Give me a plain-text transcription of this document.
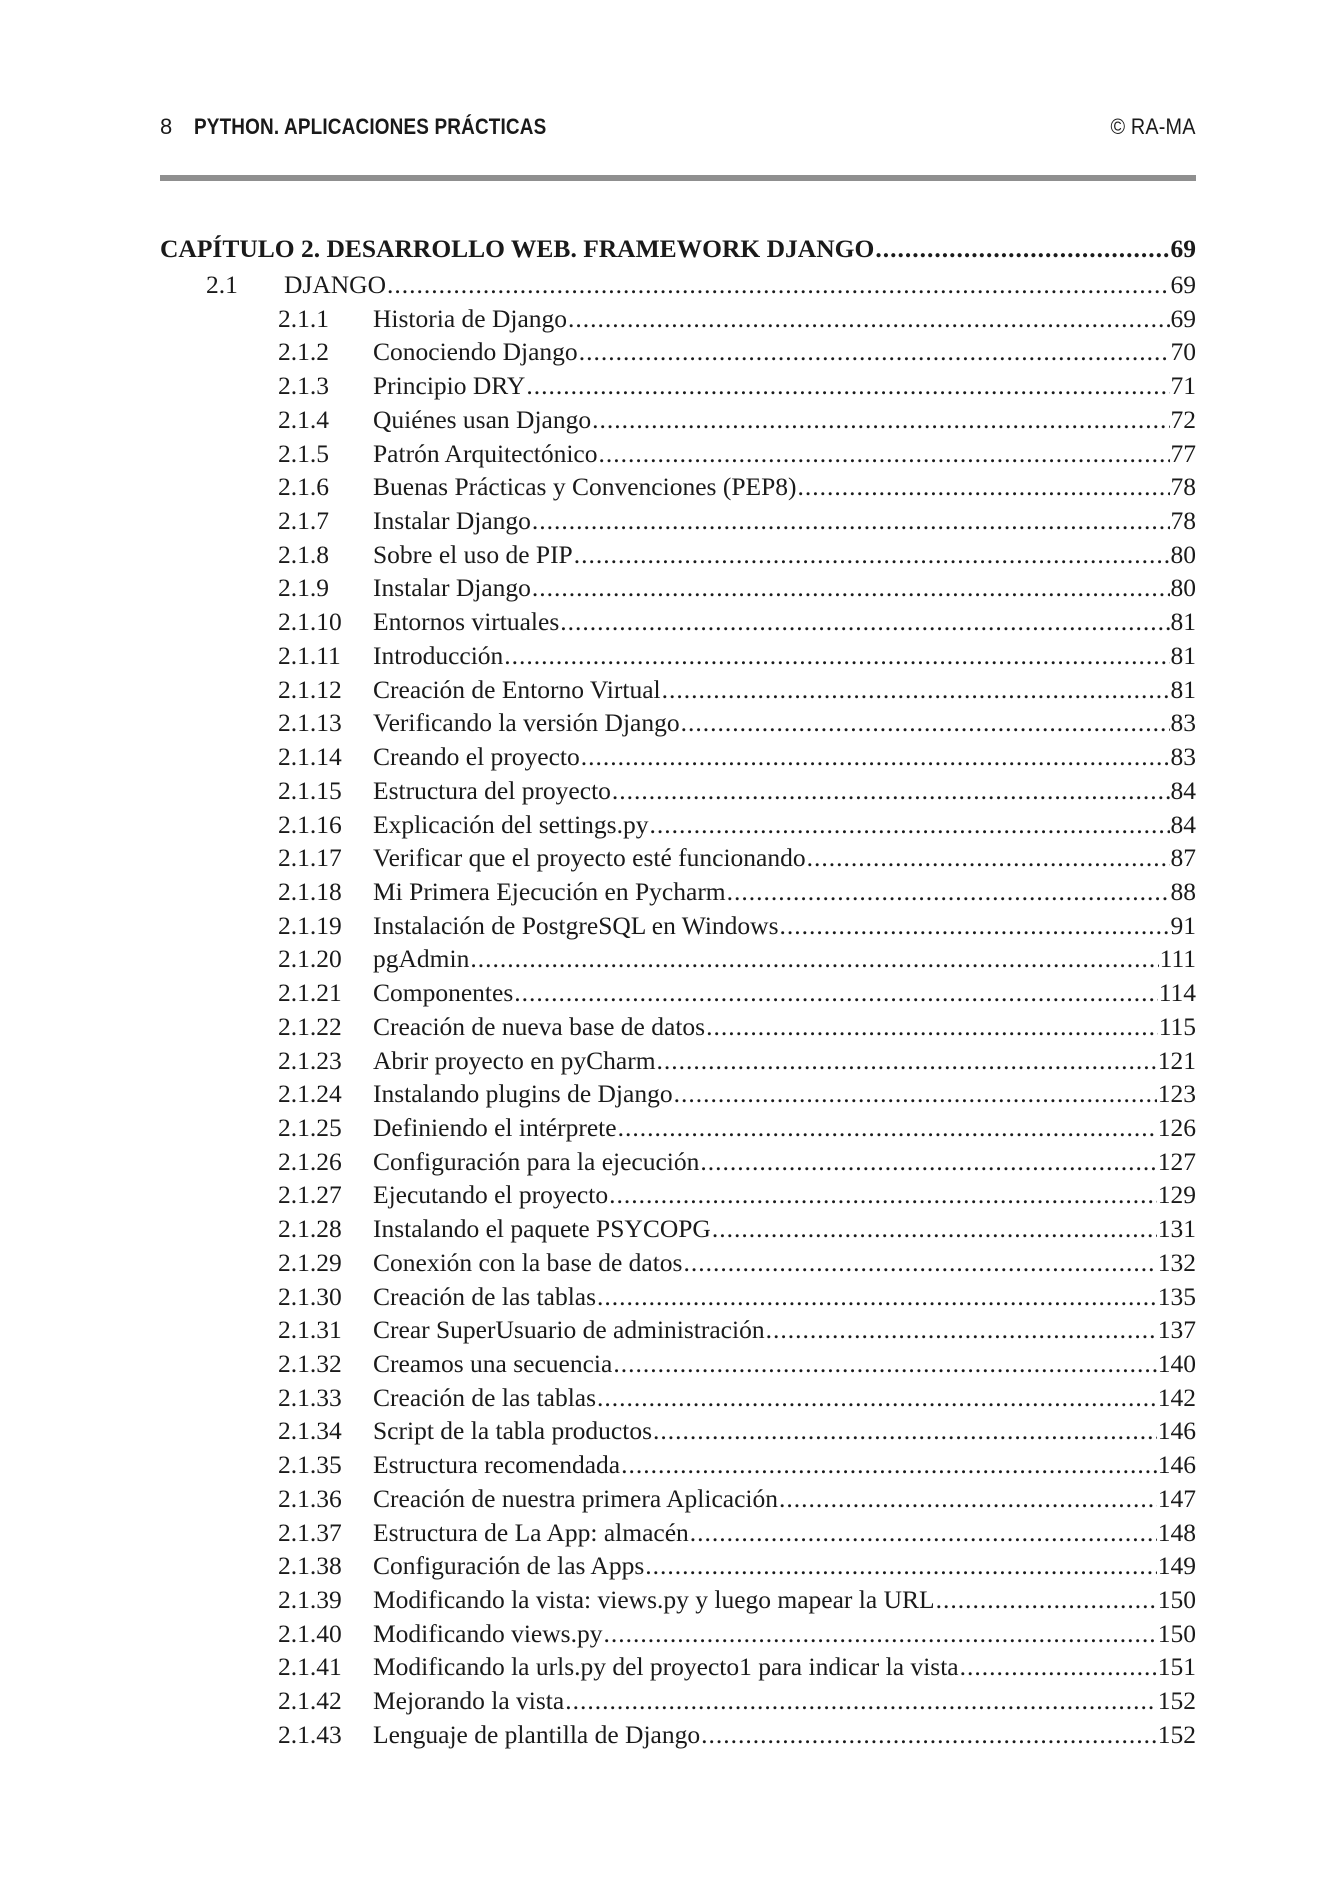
8 PYTHON. APLICACIONES PRÁCTICAS	© RA-MA
CAPÍTULO 2. DESARROLLO WEB. FRAMEWORK DJANGO .....	69
2.1	DJANGO .....	69
2.1.1	Historia de Django .....	69
2.1.2	Conociendo Django .....	70
2.1.3	Principio DRY .....	71
2.1.4	Quiénes usan Django .....	72
2.1.5	Patrón Arquitectónico .....	77
2.1.6	Buenas Prácticas y Convenciones (PEP8) .....	78
2.1.7	Instalar Django .....	78
2.1.8	Sobre el uso de PIP .....	80
2.1.9	Instalar Django .....	80
2.1.10	Entornos virtuales .....	81
2.1.11	Introducción .....	81
2.1.12	Creación de Entorno Virtual .....	81
2.1.13	Verificando la versión Django .....	83
2.1.14	Creando el proyecto .....	83
2.1.15	Estructura del proyecto .....	84
2.1.16	Explicación del settings.py .....	84
2.1.17	Verificar que el proyecto esté funcionando .....	87
2.1.18	Mi Primera Ejecución en Pycharm .....	88
2.1.19	Instalación de PostgreSQL en Windows .....	91
2.1.20	pgAdmin .....	111
2.1.21	Componentes .....	114
2.1.22	Creación de nueva base de datos .....	115
2.1.23	Abrir proyecto en pyCharm .....	121
2.1.24	Instalando plugins de Django .....	123
2.1.25	Definiendo el intérprete .....	126
2.1.26	Configuración para la ejecución .....	127
2.1.27	Ejecutando el proyecto .....	129
2.1.28	Instalando el paquete PSYCOPG .....	131
2.1.29	Conexión con la base de datos .....	132
2.1.30	Creación de las tablas .....	135
2.1.31	Crear SuperUsuario de administración .....	137
2.1.32	Creamos una secuencia .....	140
2.1.33	Creación de las tablas .....	142
2.1.34	Script de la tabla productos .....	146
2.1.35	Estructura recomendada .....	146
2.1.36	Creación de nuestra primera Aplicación .....	147
2.1.37	Estructura de La App: almacén .....	148
2.1.38	Configuración de las Apps .....	149
2.1.39	Modificando la vista: views.py y luego mapear la URL .....	150
2.1.40	Modificando views.py .....	150
2.1.41	Modificando la urls.py del proyecto1 para indicar la vista .....	151
2.1.42	Mejorando la vista .....	152
2.1.43	Lenguaje de plantilla de Django .....	152
